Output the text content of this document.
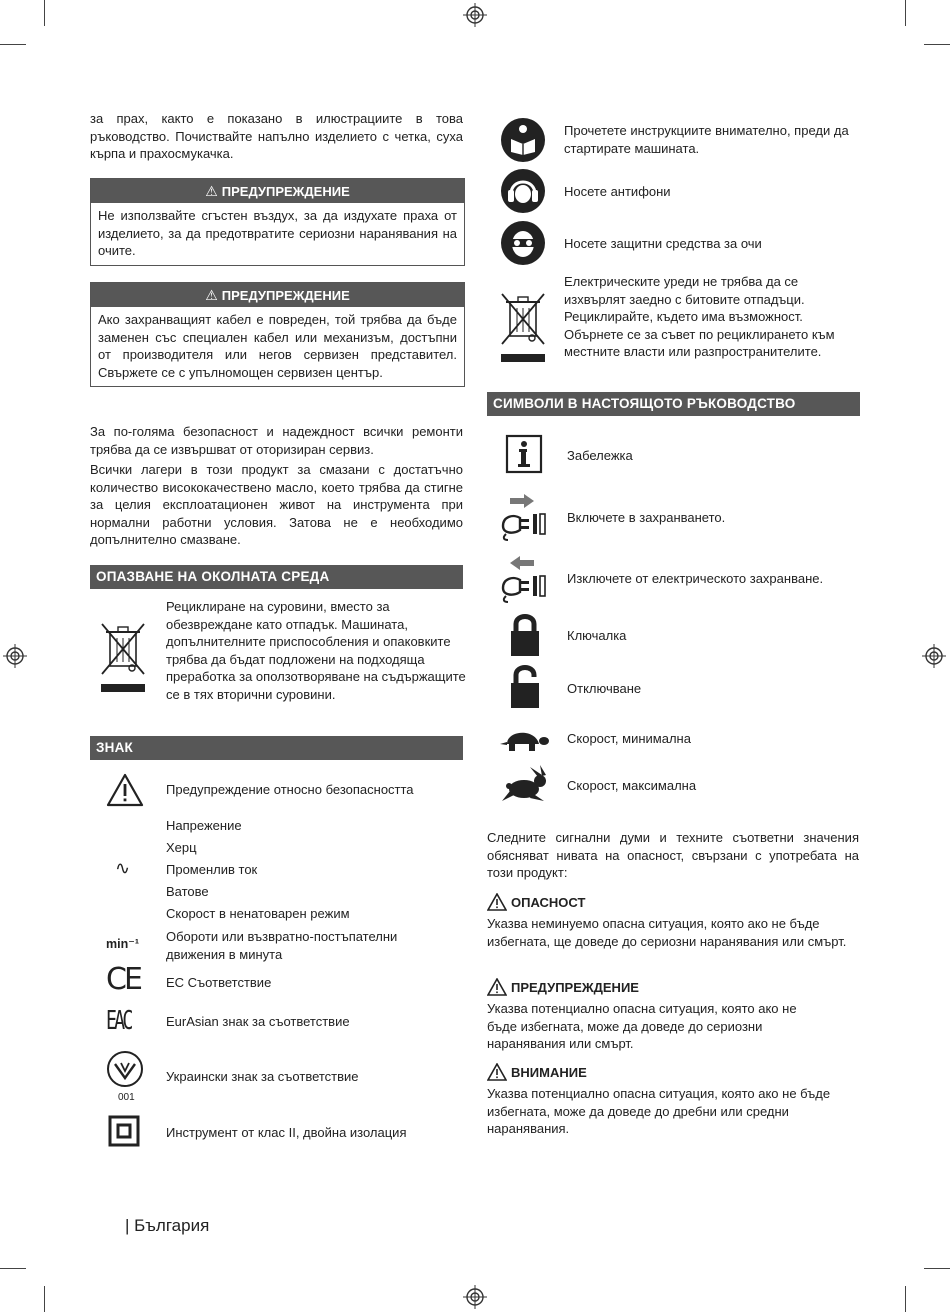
за прах, както е показано в илюстрациите в това ръководство. Почиствайте напълно изделието с четка, суха кърпа и прахосмукачка.

⚠ ПРЕДУПРЕЖДЕНИЕ
Не използвайте сгъстен въздух, за да издухате праха от изделието, за да предотвратите сериозни наранявания на очите.
⚠ ПРЕДУПРЕЖДЕНИЕ
Ако захранващият кабел е повреден, той трябва да бъде заменен със специален кабел или механизъм, достъпни от производителя или негов сервизен представител. Свържете се с упълномощен сервизен център.

За по-голяма безопасност и надеждност всички ремонти трябва да се извършват от оторизиран сервиз.

Всички лагери в този продукт за смазани с достатъчно количество висококачествено масло, което трябва да стигне за целия експлоатационен живот на инструмента при нормални работни условия. Затова не е необходимо допълнително смазване.

ОПАЗВАНЕ НА ОКОЛНАТА СРЕДА

Рециклиране на суровини, вместо за обезвреждане като отпадък. Машината, допълнителните приспособления и опаковките трябва да бъдат подложени на подходяща преработка за оползотворяване на съдържащите се в тях вторични суровини.

ЗНАК
Предупреждение относно безопасността
Напрежение
Херц
∿	Променлив ток
Ватове
Скорост в ненатоварен режим
min⁻¹ Обороти или възвратно-постъпателни движения в минута
CE ЕС Съответствие
EAC	EurAsian знак за съответствие
001
Украински знак за съответствие
Инструмент от клас II, двойна изолация
| България

Прочетете инструкциите внимателно, преди да стартирате машината.

Носете антифони
Носете защитни средства за очи

Електрическите уреди не трябва да се изхвърлят заедно с битовите отпадъци. Рециклирайте, където има възможност. Обърнете се за съвет по рециклирането към местните власти или разпространителите.

СИМВОЛИ В НАСТОЯЩОТО РЪКОВОДСТВО
Забележка
Включете в захранването.
Изключете от електрическото захранване.
Ключалка
Отключване
Скорост, минимална
Скорост, максимална

Следните сигнални думи и техните съответни значения обясняват нивата на опасност, свързани с употребата на този продукт:

ОПАСНОСТ

Указва неминуемо опасна ситуация, която ако не бъде избегната, ще доведе до сериозни наранявания или смърт.

ПРЕДУПРЕЖДЕНИЕ

Указва потенциално опасна ситуация, която ако не бъде избегната, може да доведе до сериозни наранявания или смърт.

ВНИМАНИЕ

Указва потенциално опасна ситуация, която ако не бъде избегната, може да доведе до дребни или средни наранявания.
